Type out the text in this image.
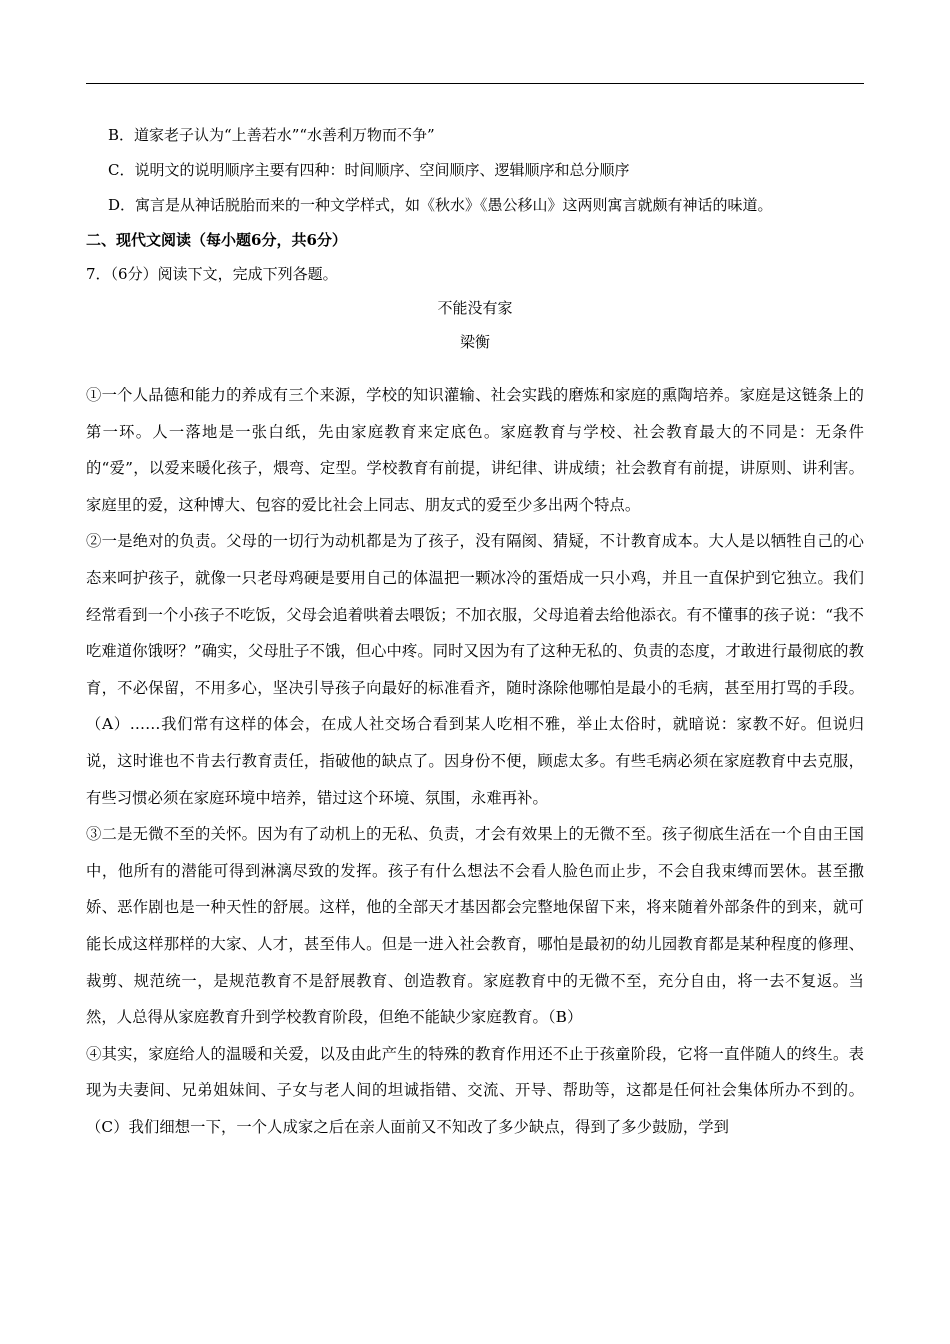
B．道家老子认为“上善若水”“水善利万物而不争”
C．说明文的说明顺序主要有四种：时间顺序、空间顺序、逻辑顺序和总分顺序
D．寓言是从神话脱胎而来的一种文学样式，如《秋水》《愚公移山》这两则寓言就颇有神话的味道。
二、现代文阅读（每小题6分，共6分）
7．（6分）阅读下文，完成下列各题。
不能没有家
梁衡
①一个人品德和能力的养成有三个来源，学校的知识灌输、社会实践的磨炼和家庭的熏陶培养。家庭是这链条上的第一环。人一落地是一张白纸，先由家庭教育来定底色。家庭教育与学校、社会教育最大的不同是：无条件的“爱”，以爱来暖化孩子，煨弯、定型。学校教育有前提，讲纪律、讲成绩；社会教育有前提，讲原则、讲利害。家庭里的爱，这种博大、包容的爱比社会上同志、朋友式的爱至少多出两个特点。
②一是绝对的负责。父母的一切行为动机都是为了孩子，没有隔阂、猜疑，不计教育成本。大人是以牺牲自己的心态来呵护孩子，就像一只老母鸡硬是要用自己的体温把一颗冰冷的蛋焐成一只小鸡，并且一直保护到它独立。我们经常看到一个小孩子不吃饭，父母会追着哄着去喂饭；不加衣服，父母追着去给他添衣。有不懂事的孩子说：“我不吃难道你饿呀？”确实，父母肚子不饿，但心中疼。同时又因为有了这种无私的、负责的态度，才敢进行最彻底的教育，不必保留，不用多心，坚决引导孩子向最好的标准看齐，随时涤除他哪怕是最小的毛病，甚至用打骂的手段。（A）……我们常有这样的体会，在成人社交场合看到某人吃相不雅，举止太俗时，就暗说：家教不好。但说归说，这时谁也不肯去行教育责任，指破他的缺点了。因身份不便，顾虑太多。有些毛病必须在家庭教育中去克服，有些习惯必须在家庭环境中培养，错过这个环境、氛围，永难再补。
③二是无微不至的关怀。因为有了动机上的无私、负责，才会有效果上的无微不至。孩子彻底生活在一个自由王国中，他所有的潜能可得到淋漓尽致的发挥。孩子有什么想法不会看人脸色而止步，不会自我束缚而罢休。甚至撒娇、恶作剧也是一种天性的舒展。这样，他的全部天才基因都会完整地保留下来，将来随着外部条件的到来，就可能长成这样那样的大家、人才，甚至伟人。但是一进入社会教育，哪怕是最初的幼儿园教育都是某种程度的修理、裁剪、规范统一，是规范教育不是舒展教育、创造教育。家庭教育中的无微不至，充分自由，将一去不复返。当然，人总得从家庭教育升到学校教育阶段，但绝不能缺少家庭教育。（B）
④其实，家庭给人的温暖和关爱，以及由此产生的特殊的教育作用还不止于孩童阶段，它将一直伴随人的终生。表现为夫妻间、兄弟姐妹间、子女与老人间的坦诚指错、交流、开导、帮助等，这都是任何社会集体所办不到的。（C）我们细想一下，一个人成家之后在亲人面前又不知改了多少缺点，得到了多少鼓励，学到
